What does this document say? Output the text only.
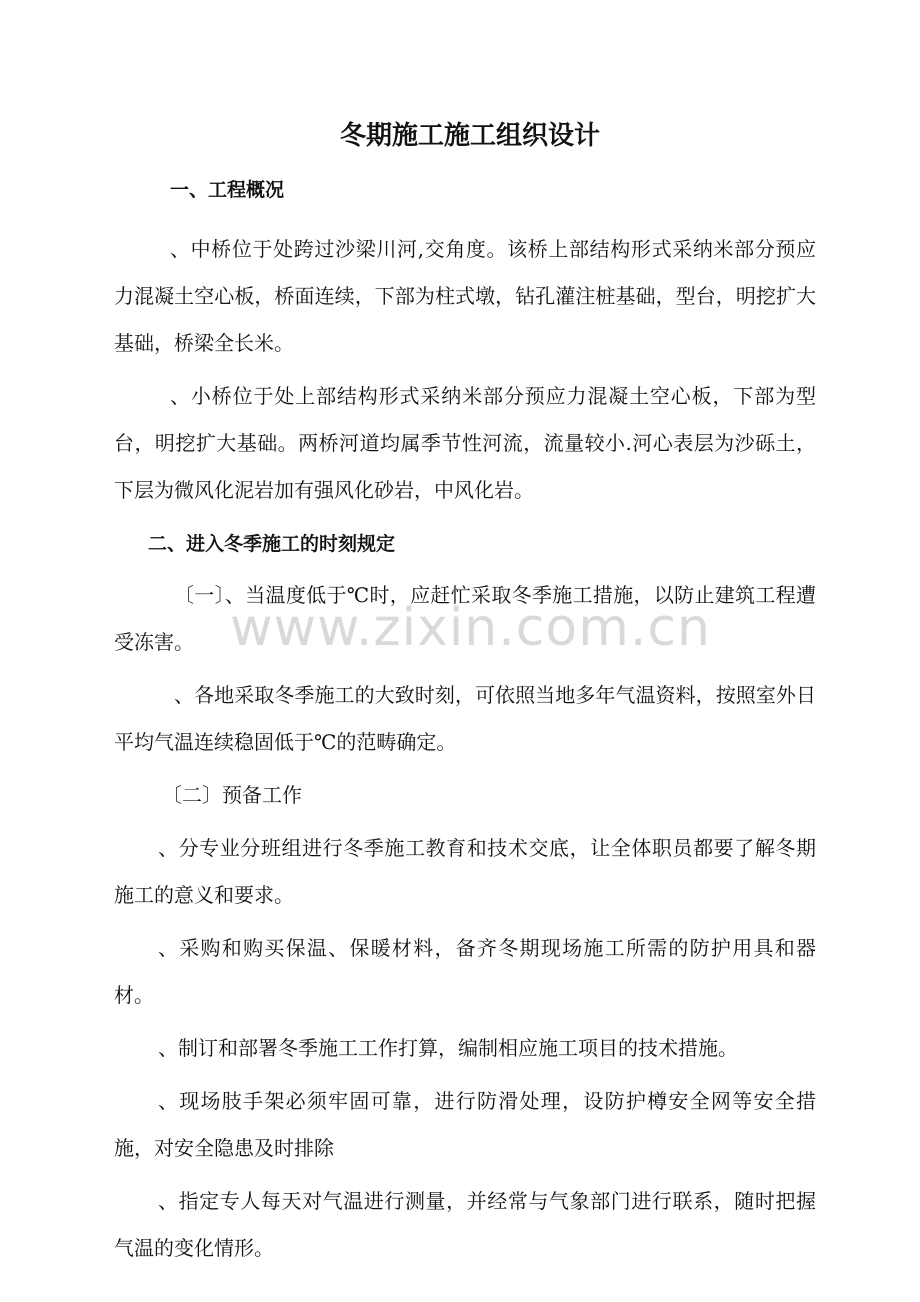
www.zixin.com.cn
冬期施工施工组织设计
一、工程概况

、中桥位于处跨过沙梁川河,交角度。该桥上部结构形式采纳米部分预应力混凝土空心板，桥面连续，下部为柱式墩，钻孔灌注桩基础，型台，明挖扩大基础，桥梁全长米。

、小桥位于处上部结构形式采纳米部分预应力混凝土空心板，下部为型台，明挖扩大基础。两桥河道均属季节性河流，流量较小.河心表层为沙砾土，下层为微风化泥岩加有强风化砂岩，中风化岩。

二、进入冬季施工的时刻规定

〔一〕、当温度低于℃时，应赶忙采取冬季施工措施，以防止建筑工程遭受冻害。

、各地采取冬季施工的大致时刻，可依照当地多年气温资料，按照室外日平均气温连续稳固低于℃的范畴确定。

〔二〕预备工作

、分专业分班组进行冬季施工教育和技术交底，让全体职员都要了解冬期施工的意义和要求。

、采购和购买保温、保暖材料，备齐冬期现场施工所需的防护用具和器材。

、制订和部署冬季施工工作打算，编制相应施工项目的技术措施。

、现场肢手架必须牢固可靠，进行防滑处理，设防护樽安全网等安全措施，对安全隐患及时排除

、指定专人每天对气温进行测量，并经常与气象部门进行联系，随时把握气温的变化情形。
